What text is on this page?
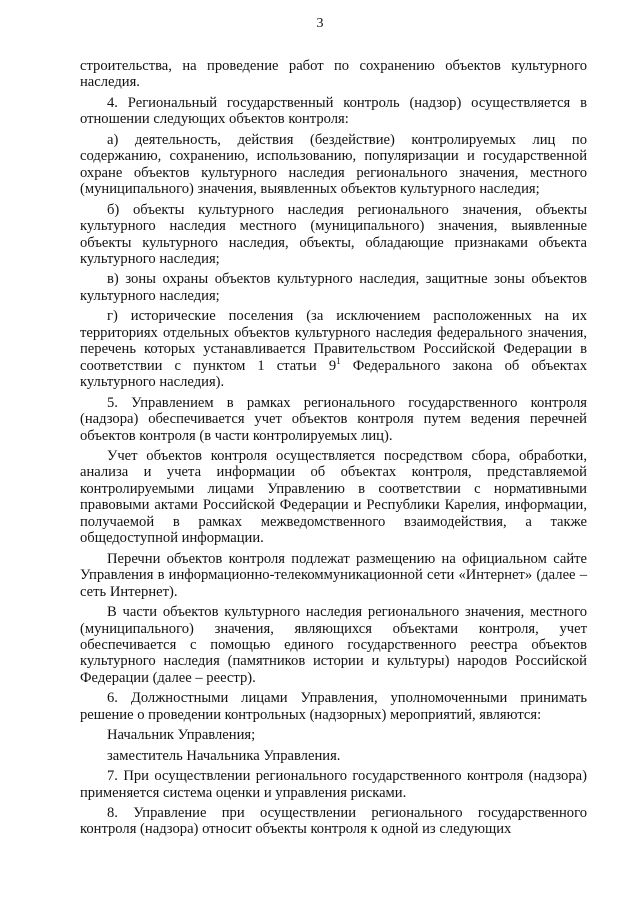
3

строительства, на проведение работ по сохранению объектов культурного наследия.

4. Региональный государственный контроль (надзор) осуществляется в отношении следующих объектов контроля:

а) деятельность, действия (бездействие) контролируемых лиц по содержанию, сохранению, использованию, популяризации и государственной охране объектов культурного наследия регионального значения, местного (муниципального) значения, выявленных объектов культурного наследия;

б) объекты культурного наследия регионального значения, объекты культурного наследия местного (муниципального) значения, выявленные объекты культурного наследия, объекты, обладающие признаками объекта культурного наследия;

в) зоны охраны объектов культурного наследия, защитные зоны объектов культурного наследия;

г) исторические поселения (за исключением расположенных на их территориях отдельных объектов культурного наследия федерального значения, перечень которых устанавливается Правительством Российской Федерации в соответствии с пунктом 1 статьи $9^1$ Федерального закона об объектах культурного наследия).

5. Управлением в рамках регионального государственного контроля (надзора) обеспечивается учет объектов контроля путем ведения перечней объектов контроля (в части контролируемых лиц).

Учет объектов контроля осуществляется посредством сбора, обработки, анализа и учета информации об объектах контроля, представляемой контролируемыми лицами Управлению в соответствии с нормативными правовыми актами Российской Федерации и Республики Карелия, информации, получаемой в рамках межведомственного взаимодействия, а также общедоступной информации.

Перечни объектов контроля подлежат размещению на официальном сайте Управления в информационно-телекоммуникационной сети «Интернет» (далее – сеть Интернет).

В части объектов культурного наследия регионального значения, местного (муниципального) значения, являющихся объектами контроля, учет обеспечивается с помощью единого государственного реестра объектов культурного наследия (памятников истории и культуры) народов Российской Федерации (далее – реестр).

6. Должностными лицами Управления, уполномоченными принимать решение о проведении контрольных (надзорных) мероприятий, являются:

Начальник Управления;

заместитель Начальника Управления.

7. При осуществлении регионального государственного контроля (надзора) применяется система оценки и управления рисками.

8. Управление при осуществлении регионального государственного контроля (надзора) относит объекты контроля к одной из следующих
